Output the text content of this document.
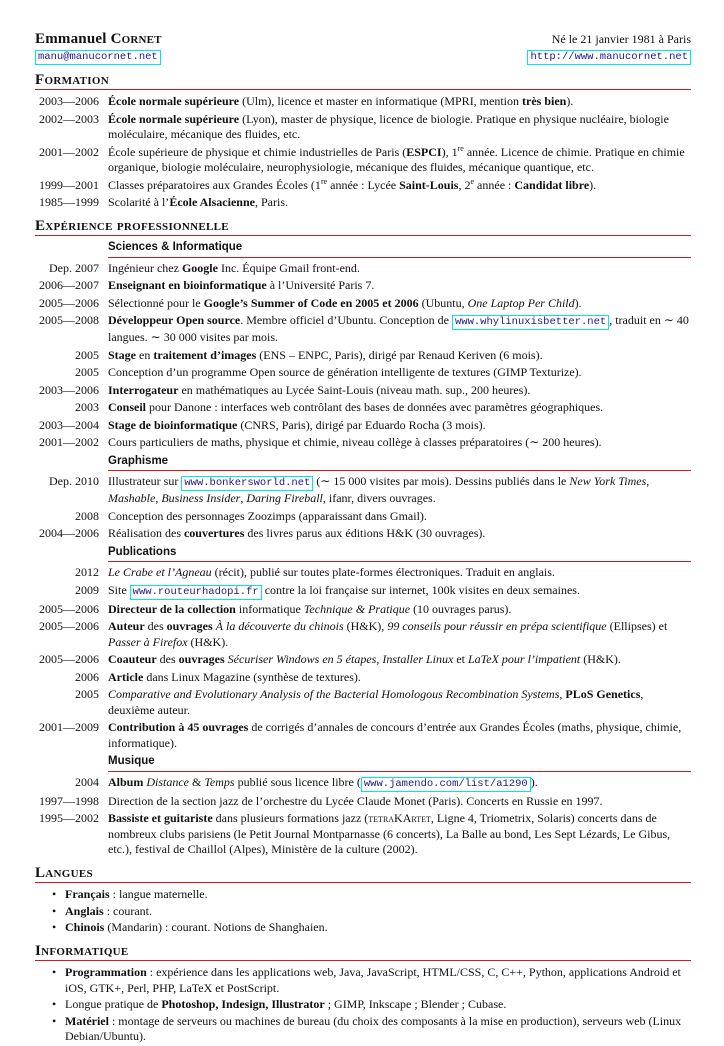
Emmanuel Cornet	Né le 21 janvier 1981 à Paris
manu@manucornet.net	http://www.manucornet.net
Formation
2003—2006 École normale supérieure (Ulm), licence et master en informatique (MPRI, mention très bien).
2002—2003 École normale supérieure (Lyon), master de physique, licence de biologie. Pratique en physique nucléaire, biologie moléculaire, mécanique des fluides, etc.
2001—2002 École supérieure de physique et chimie industrielles de Paris (ESPCI), 1re année. Licence de chimie. Pratique en chimie organique, biologie moléculaire, neurophysiologie, mécanique des fluides, mécanique quantique, etc.
1999—2001 Classes préparatoires aux Grandes Écoles (1re année : Lycée Saint-Louis, 2e année : Candidat libre).
1985—1999 Scolarité à l’École Alsacienne, Paris.
Expérience professionnelle
Sciences & Informatique
Dep. 2007 Ingénieur chez Google Inc. Équipe Gmail front-end.
2006—2007 Enseignant en bioinformatique à l’Université Paris 7.
2005—2006 Sélectionné pour le Google’s Summer of Code en 2005 et 2006 (Ubuntu, One Laptop Per Child).
2005—2008 Développeur Open source. Membre officiel d’Ubuntu. Conception de www.whylinuxisbetter.net , traduit en ∼ 40 langues. ∼ 30 000 visites par mois.
2005 Stage en traitement d’images (ENS – ENPC, Paris), dirigé par Renaud Keriven (6 mois).
2005 Conception d’un programme Open source de génération intelligente de textures (GIMP Texturize).
2003—2006 Interrogateur en mathématiques au Lycée Saint-Louis (niveau math. sup., 200 heures).
2003 Conseil pour Danone : interfaces web contrôlant des bases de données avec paramètres géographiques.
2003—2004 Stage de bioinformatique (CNRS, Paris), dirigé par Eduardo Rocha (3 mois).
2001—2002 Cours particuliers de maths, physique et chimie, niveau collège à classes préparatoires (∼ 200 heures).
Graphisme
Dep. 2010 Illustrateur sur www.bonkersworld.net (∼ 15 000 visites par mois). Dessins publiés dans le New York Times, Mashable, Business Insider, Daring Fireball, ifanr, divers ouvrages.
2008 Conception des personnages Zoozimps (apparaissant dans Gmail).
2004—2006 Réalisation des couvertures des livres parus aux éditions H&K (30 ouvrages).
Publications
2012 Le Crabe et l’Agneau (récit), publié sur toutes plate-formes électroniques. Traduit en anglais.
2009 Site www.routeurhadopi.fr contre la loi française sur internet, 100k visites en deux semaines.
2005—2006 Directeur de la collection informatique Technique & Pratique (10 ouvrages parus).
2005—2006 Auteur des ouvrages À la découverte du chinois (H&K), 99 conseils pour réussir en prépa scientifique (Ellipses) et Passer à Firefox (H&K).
2005—2006 Coauteur des ouvrages Sécuriser Windows en 5 étapes, Installer Linux et LaTeX pour l’impatient (H&K).
2006 Article dans Linux Magazine (synthèse de textures).
2005 Comparative and Evolutionary Analysis of the Bacterial Homologous Recombination Systems, PLoS Genetics, deuxième auteur.
2001—2009 Contribution à 45 ouvrages de corrigés d’annales de concours d’entrée aux Grandes Écoles (maths, physique, chimie, informatique).
Musique
2004 Album Distance & Temps publié sous licence libre ( www.jamendo.com/list/a1290 ).
1997—1998 Direction de la section jazz de l’orchestre du Lycée Claude Monet (Paris). Concerts en Russie en 1997.
1995—2002 Bassiste et guitariste dans plusieurs formations jazz (tetraKArtet, Ligne 4, Triometrix, Solaris) concerts dans de nombreux clubs parisiens (le Petit Journal Montparnasse (6 concerts), La Balle au bond, Les Sept Lézards, Le Gibus, etc.), festival de Chaillol (Alpes), Ministère de la culture (2002).
Langues
• Français : langue maternelle.
• Anglais : courant.
• Chinois (Mandarin) : courant. Notions de Shanghaien.
Informatique
• Programmation : expérience dans les applications web, Java, JavaScript, HTML/CSS, C, C++, Python, applications Android et iOS, GTK+, Perl, PHP, LaTeX et PostScript.
• Longue pratique de Photoshop, Indesign, Illustrator ; GIMP, Inkscape ; Blender ; Cubase.
• Matériel : montage de serveurs ou machines de bureau (du choix des composants à la mise en production), serveurs web (Linux Debian/Ubuntu).
